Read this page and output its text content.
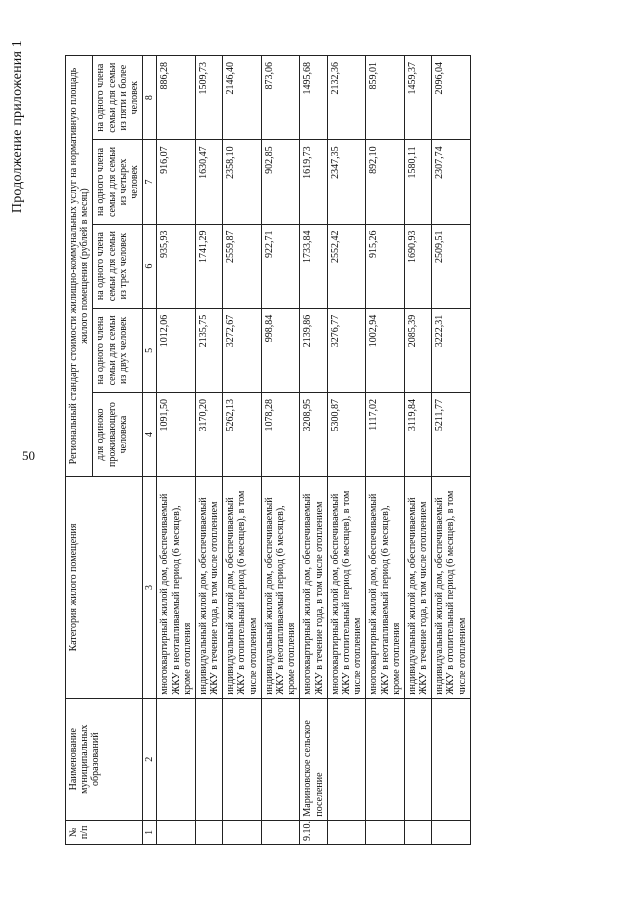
50
Продолжение приложения 1
№ п/п	Наименование муниципальных образований	Категория жилого помещения	Региональный стандарт стоимости жилищно-коммунальных услуг на нормативную площадь жилого помещения (рублей в месяц)				
			для одиноко проживающего человека	на одного члена семьи для семьи из двух человек	на одного члена семьи для семьи из трех человек	на одного члена семьи для семьи из четырех человек	на одного члена семьи для семьи из пяти и более человек

1	2	3	4	5	6	7	8
		многоквартирный жилой дом, обеспечиваемый ЖКУ в неотапливаемый период (6 месяцев), кроме отопления	1091,50	1012,06	935,93	916,07	886,28
		индивидуальный жилой дом, обеспечиваемый ЖКУ в течение года, в том числе отоплением	3170,20	2135,75	1741,29	1630,47	1509,73
		индивидуальный жилой дом, обеспечиваемый ЖКУ в отопительный период (6 месяцев), в том числе отоплением	5262,13	3272,67	2559,87	2358,10	2146,40
		индивидуальный жилой дом, обеспечиваемый ЖКУ в неотапливаемый период (6 месяцев), кроме отопления	1078,28	998,84	922,71	902,85	873,06
9.10.	Мариновское сельское поселение	многоквартирный жилой дом, обеспечиваемый ЖКУ в течение года, в том числе отоплением	3208,95	2139,86	1733,84	1619,73	1495,68
		многоквартирный жилой дом, обеспечиваемый ЖКУ в отопительный период (6 месяцев), в том числе отоплением	5300,87	3276,77	2552,42	2347,35	2132,36
		многоквартирный жилой дом, обеспечиваемый ЖКУ в неотапливаемый период (6 месяцев), кроме отопления	1117,02	1002,94	915,26	892,10	859,01
		индивидуальный жилой дом, обеспечиваемый ЖКУ в течение года, в том числе отоплением	3119,84	2085,39	1690,93	1580,11	1459,37
		индивидуальный жилой дом, обеспечиваемый ЖКУ в отопительный период (6 месяцев), в том числе отоплением	5211,77	3222,31	2509,51	2307,74	2096,04
